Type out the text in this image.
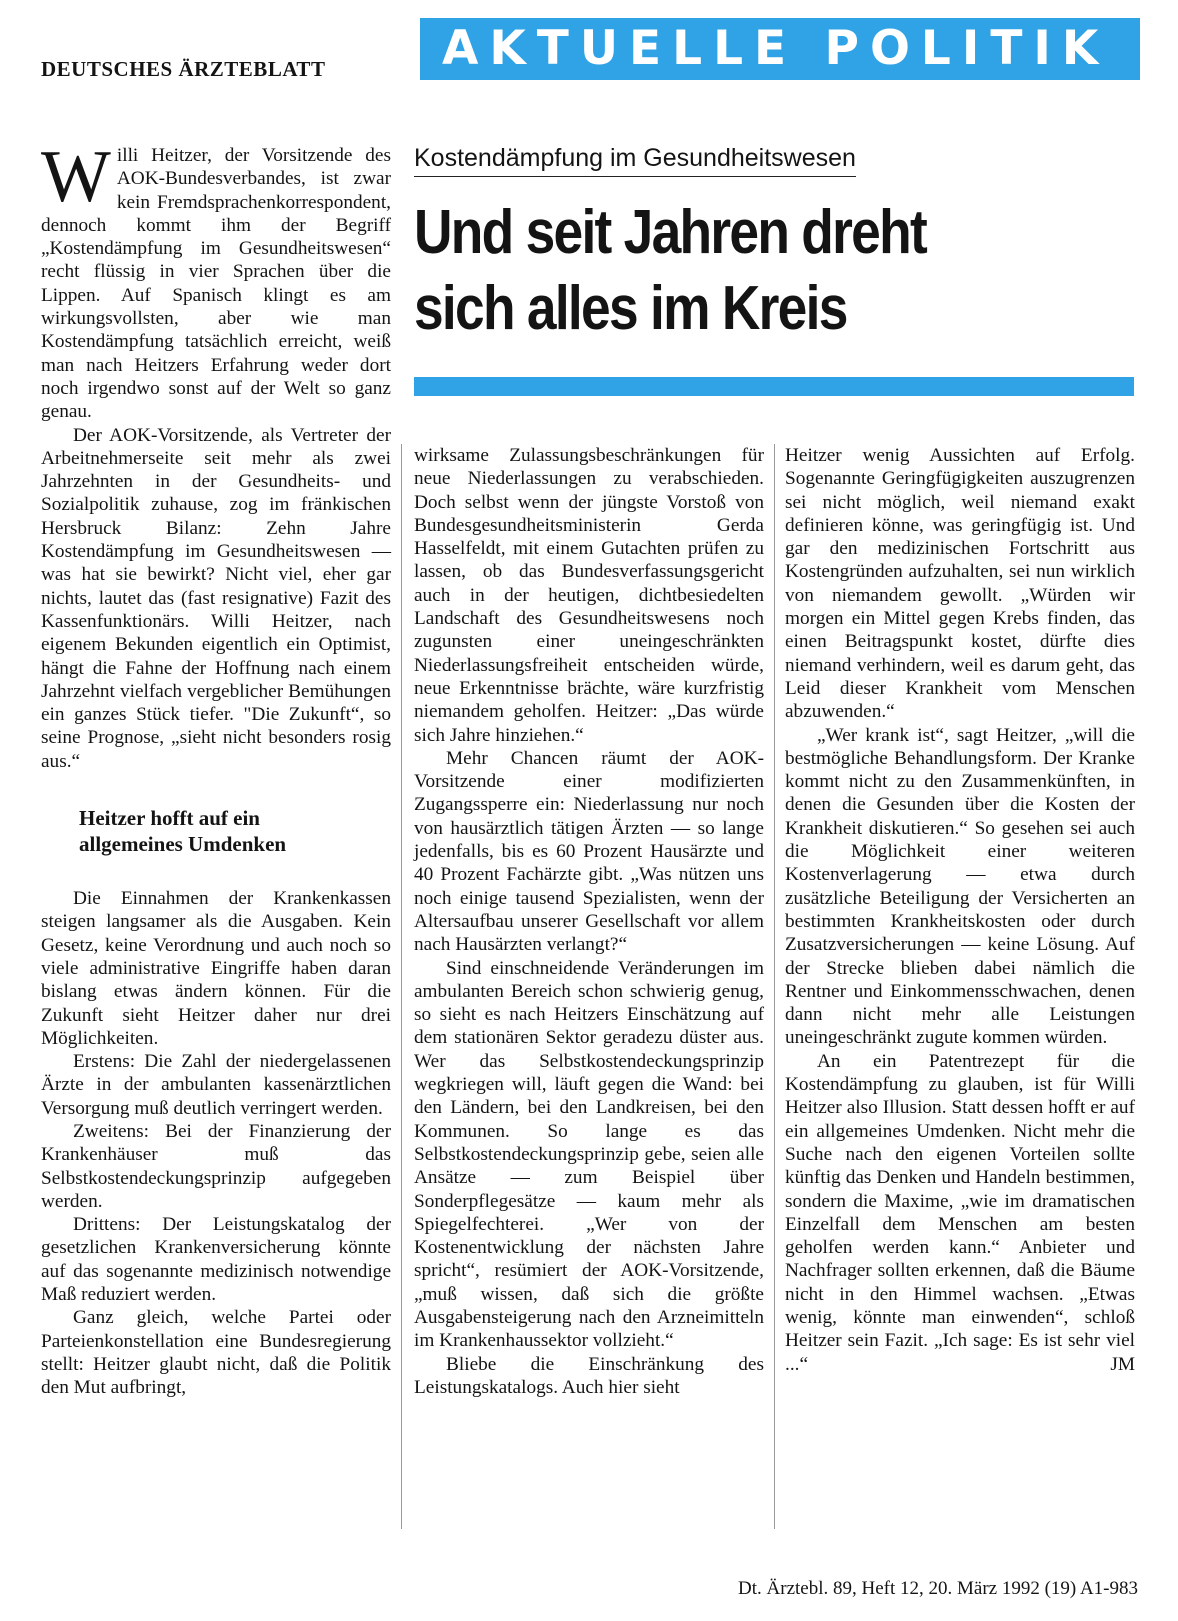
DEUTSCHES ÄRZTEBLATT AKTUELLE POLITIK
Kostendämpfung im Gesundheitswesen
Und seit Jahren dreht
sich alles im Kreis
W illi Heitzer, der Vorsitzende des AOK-Bundesverbandes, ist zwar kein Fremdsprachenkorrespondent, dennoch kommt ihm der Begriff „Kostendämpfung im Gesundheitswesen“ recht flüssig in vier Sprachen über die Lippen. Auf Spanisch klingt es am wirkungsvollsten, aber wie man Kostendämpfung tatsächlich erreicht, weiß man nach Heitzers Erfahrung weder dort noch irgendwo sonst auf der Welt so ganz genau.

Der AOK-Vorsitzende, als Vertreter der Arbeitnehmerseite seit mehr als zwei Jahrzehnten in der Gesundheits- und Sozialpolitik zuhause, zog im fränkischen Hersbruck Bilanz: Zehn Jahre Kostendämpfung im Gesundheitswesen — was hat sie bewirkt? Nicht viel, eher gar nichts, lautet das (fast resignative) Fazit des Kassenfunktionärs. Willi Heitzer, nach eigenem Bekunden eigentlich ein Optimist, hängt die Fahne der Hoffnung nach einem Jahrzehnt vielfach vergeblicher Bemühungen ein ganzes Stück tiefer. "Die Zukunft“, so seine Prognose, „sieht nicht besonders rosig aus.“

Heitzer hofft auf ein
allgemeines Umdenken

Die Einnahmen der Krankenkassen steigen langsamer als die Ausgaben. Kein Gesetz, keine Verordnung und auch noch so viele administrative Eingriffe haben daran bislang etwas ändern können. Für die Zukunft sieht Heitzer daher nur drei Möglichkeiten.

Erstens: Die Zahl der niedergelassenen Ärzte in der ambulanten kassenärztlichen Versorgung muß deutlich verringert werden.

Zweitens: Bei der Finanzierung der Krankenhäuser muß das Selbstkostendeckungsprinzip aufgegeben werden.

Drittens: Der Leistungskatalog der gesetzlichen Krankenversicherung könnte auf das sogenannte medizinisch notwendige Maß reduziert werden.

Ganz gleich, welche Partei oder Parteienkonstellation eine Bundesregierung stellt: Heitzer glaubt nicht, daß die Politik den Mut aufbringt,

wirksame Zulassungsbeschränkungen für neue Niederlassungen zu verabschieden. Doch selbst wenn der jüngste Vorstoß von Bundesgesundheitsministerin Gerda Hasselfeldt, mit einem Gutachten prüfen zu lassen, ob das Bundesverfassungsgericht auch in der heutigen, dichtbesiedelten Landschaft des Gesundheitswesens noch zugunsten einer uneingeschränkten Niederlassungsfreiheit entscheiden würde, neue Erkenntnisse brächte, wäre kurzfristig niemandem geholfen. Heitzer: „Das würde sich Jahre hinziehen.“

Mehr Chancen räumt der AOK-Vorsitzende einer modifizierten Zugangssperre ein: Niederlassung nur noch von hausärztlich tätigen Ärzten — so lange jedenfalls, bis es 60 Prozent Hausärzte und 40 Prozent Fachärzte gibt. „Was nützen uns noch einige tausend Spezialisten, wenn der Altersaufbau unserer Gesellschaft vor allem nach Hausärzten verlangt?“

Sind einschneidende Veränderungen im ambulanten Bereich schon schwierig genug, so sieht es nach Heitzers Einschätzung auf dem stationären Sektor geradezu düster aus. Wer das Selbstkostendeckungsprinzip wegkriegen will, läuft gegen die Wand: bei den Ländern, bei den Landkreisen, bei den Kommunen. So lange es das Selbstkostendeckungsprinzip gebe, seien alle Ansätze — zum Beispiel über Sonderpflegesätze — kaum mehr als Spiegelfechterei. „Wer von der Kostenentwicklung der nächsten Jahre spricht“, resümiert der AOK-Vorsitzende, „muß wissen, daß sich die größte Ausgabensteigerung nach den Arzneimitteln im Krankenhaussektor vollzieht.“

Bliebe die Einschränkung des Leistungskatalogs. Auch hier sieht

Heitzer wenig Aussichten auf Erfolg. Sogenannte Geringfügigkeiten auszugrenzen sei nicht möglich, weil niemand exakt definieren könne, was geringfügig ist. Und gar den medizinischen Fortschritt aus Kostengründen aufzuhalten, sei nun wirklich von niemandem gewollt. „Würden wir morgen ein Mittel gegen Krebs finden, das einen Beitragspunkt kostet, dürfte dies niemand verhindern, weil es darum geht, das Leid dieser Krankheit vom Menschen abzuwenden.“

„Wer krank ist“, sagt Heitzer, „will die bestmögliche Behandlungsform. Der Kranke kommt nicht zu den Zusammenkünften, in denen die Gesunden über die Kosten der Krankheit diskutieren.“ So gesehen sei auch die Möglichkeit einer weiteren Kostenverlagerung — etwa durch zusätzliche Beteiligung der Versicherten an bestimmten Krankheitskosten oder durch Zusatzversicherungen — keine Lösung. Auf der Strecke blieben dabei nämlich die Rentner und Einkommensschwachen, denen dann nicht mehr alle Leistungen uneingeschränkt zugute kommen würden.

An ein Patentrezept für die Kostendämpfung zu glauben, ist für Willi Heitzer also Illusion. Statt dessen hofft er auf ein allgemeines Umdenken. Nicht mehr die Suche nach den eigenen Vorteilen sollte künftig das Denken und Handeln bestimmen, sondern die Maxime, „wie im dramatischen Einzelfall dem Menschen am besten geholfen werden kann.“ Anbieter und Nachfrager sollten erkennen, daß die Bäume nicht in den Himmel wachsen. „Etwas wenig, könnte man einwenden“, schloß Heitzer sein Fazit. „Ich sage: Es ist sehr viel ...“	JM

Dt. Ärztebl. 89, Heft 12, 20. März 1992 (19) A1-983
